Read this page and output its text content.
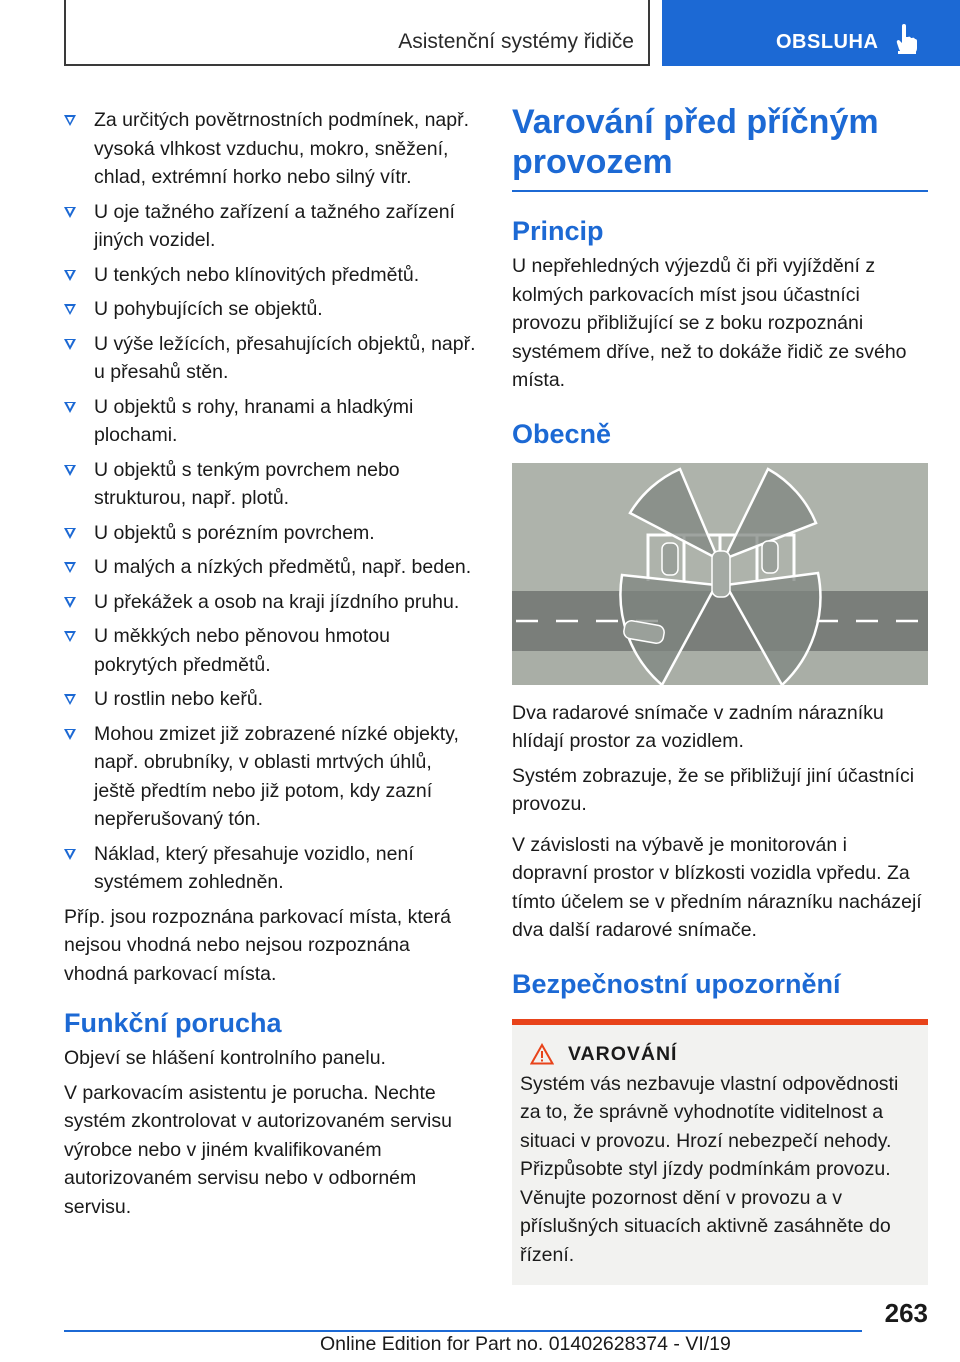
Asistenční systémy řidiče	OBSLUHA
Za určitých povětrnostních podmínek, např. vysoká vlhkost vzduchu, mokro, sněžení, chlad, extrémní horko nebo silný vítr.
U oje tažného zařízení a tažného zařízení jiných vozidel.
U tenkých nebo klínovitých předmětů.
U pohybujících se objektů.
U výše ležících, přesahujících objektů, např. u přesahů stěn.
U objektů s rohy, hranami a hladkými plochami.
U objektů s tenkým povrchem nebo strukturou, např. plotů.
U objektů s porézním povrchem.
U malých a nízkých předmětů, např. beden.
U překážek a osob na kraji jízdního pruhu.
U měkkých nebo pěnovou hmotou pokrytých předmětů.
U rostlin nebo keřů.
Mohou zmizet již zobrazené nízké objekty, např. obrubníky, v oblasti mrtvých úhlů, ještě předtím nebo již potom, kdy zazní nepřerušovaný tón.
Náklad, který přesahuje vozidlo, není systémem zohledněn.

Příp. jsou rozpoznána parkovací místa, která nejsou vhodná nebo nejsou rozpoznána vhodná parkovací místa.

Funkční porucha

Objeví se hlášení kontrolního panelu.

V parkovacím asistentu je porucha. Nechte systém zkontrolovat v autorizovaném servisu výrobce nebo v jiném kvalifikovaném autorizovaném servisu nebo v odborném servisu.

Varování před příčným provozem
Princip

U nepřehledných výjezdů či při vyjíždění z kolmých parkovacích míst jsou účastníci provozu přibližující se z boku rozpoznáni systémem dříve, než to dokáže řidič ze svého místa.

Obecně

Dva radarové snímače v zadním nárazníku hlídají prostor za vozidlem.

Systém zobrazuje, že se přibližují jiní účastníci provozu.

V závislosti na výbavě je monitorován i dopravní prostor v blízkosti vozidla vpředu. Za tímto účelem se v předním nárazníku nacházejí dva další radarové snímače.

Bezpečnostní upozornění
VAROVÁNÍ

Systém vás nezbavuje vlastní odpovědnosti za to, že správně vyhodnotíte viditelnost a situaci v provozu. Hrozí nebezpečí nehody. Přizpůsobte styl jízdy podmínkám provozu. Věnujte pozornost dění v provozu a v příslušných situacích aktivně zasáhněte do řízení.

263
Online Edition for Part no. 01402628374 - VI/19
